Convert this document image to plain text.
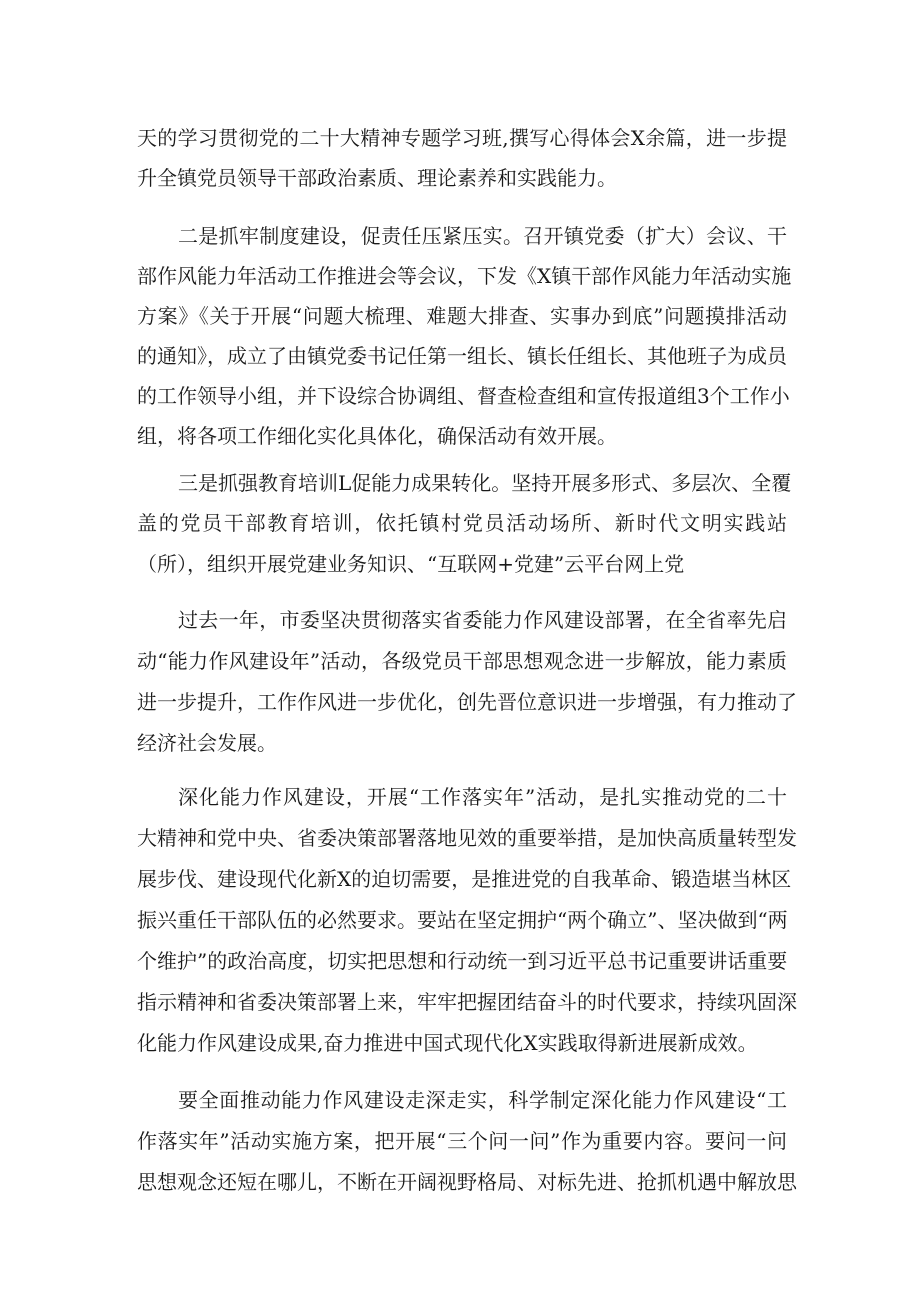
天的学习贯彻党的二十大精神专题学习班,撰写心得体会X余篇，进一步提
升全镇党员领导干部政治素质、理论素养和实践能力。
二是抓牢制度建设，促责任压紧压实。召开镇党委（扩大）会议、干
部作风能力年活动工作推进会等会议，下发《X镇干部作风能力年活动实施
方案》《关于开展“问题大梳理、难题大排查、实事办到底”问题摸排活动
的通知》，成立了由镇党委书记任第一组长、镇长任组长、其他班子为成员
的工作领导小组，并下设综合协调组、督查检查组和宣传报道组3个工作小
组，将各项工作细化实化具体化，确保活动有效开展。
三是抓强教育培训L促能力成果转化。坚持开展多形式、多层次、全覆
盖的党员干部教育培训，依托镇村党员活动场所、新时代文明实践站
（所），组织开展党建业务知识、“互联网+党建”云平台网上党
过去一年，市委坚决贯彻落实省委能力作风建设部署，在全省率先启
动“能力作风建设年”活动，各级党员干部思想观念进一步解放，能力素质
进一步提升，工作作风进一步优化，创先晋位意识进一步增强，有力推动了
经济社会发展。
深化能力作风建设，开展“工作落实年”活动，是扎实推动党的二十
大精神和党中央、省委决策部署落地见效的重要举措，是加快高质量转型发
展步伐、建设现代化新X的迫切需要，是推进党的自我革命、锻造堪当林区
振兴重任干部队伍的必然要求。要站在坚定拥护“两个确立”、坚决做到“两
个维护”的政治高度，切实把思想和行动统一到习近平总书记重要讲话重要
指示精神和省委决策部署上来，牢牢把握团结奋斗的时代要求，持续巩固深
化能力作风建设成果,奋力推进中国式现代化X实践取得新进展新成效。
要全面推动能力作风建设走深走实，科学制定深化能力作风建设“工
作落实年”活动实施方案，把开展“三个问一问”作为重要内容。要问一问
思想观念还短在哪儿，不断在开阔视野格局、对标先进、抢抓机遇中解放思
